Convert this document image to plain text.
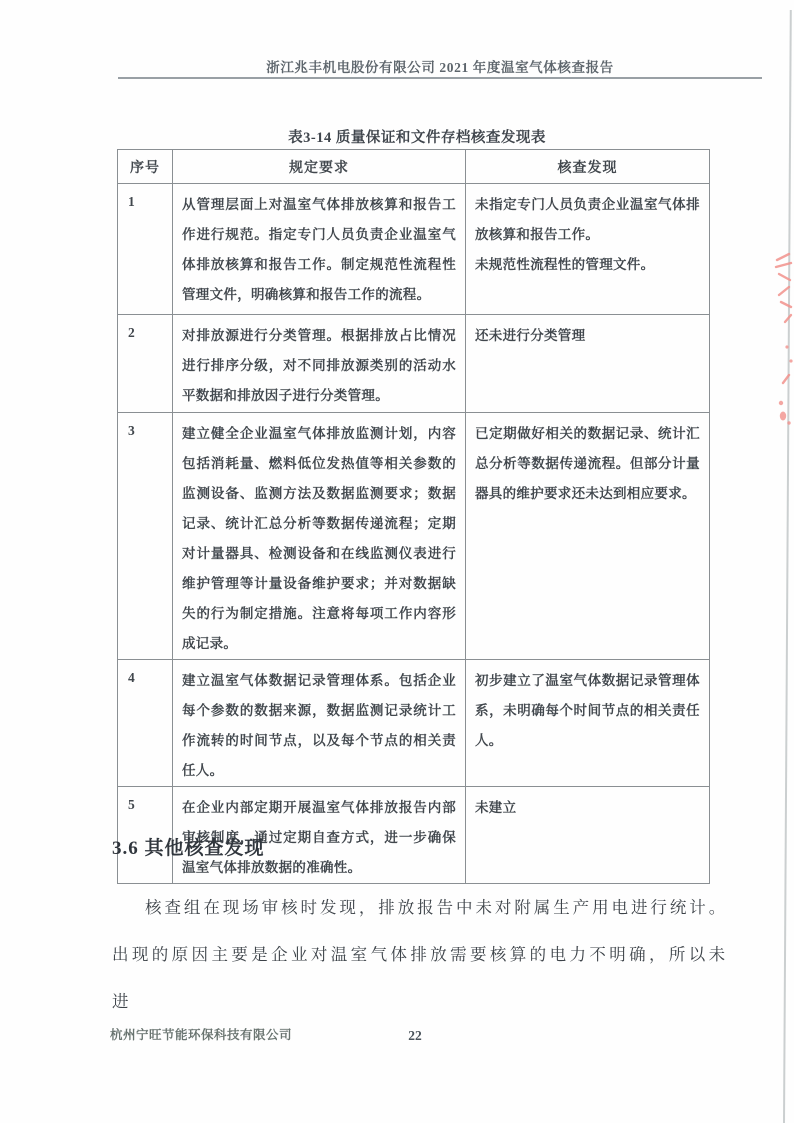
浙江兆丰机电股份有限公司 2021 年度温室气体核查报告
表3-14 质量保证和文件存档核查发现表
序号	规定要求	核查发现

1	从管理层面上对温室气体排放核算和报告工作进行规范。指定专门人员负责企业温室气体排放核算和报告工作。制定规范性流程性管理文件，明确核算和报告工作的流程。	未指定专门人员负责企业温室气体排放核算和报告工作。
未规范性流程性的管理文件。

2	对排放源进行分类管理。根据排放占比情况进行排序分级，对不同排放源类别的活动水平数据和排放因子进行分类管理。	还未进行分类管理

3	建立健全企业温室气体排放监测计划，内容包括消耗量、燃料低位发热值等相关参数的监测设备、监测方法及数据监测要求；数据记录、统计汇总分析等数据传递流程；定期对计量器具、检测设备和在线监测仪表进行维护管理等计量设备维护要求；并对数据缺失的行为制定措施。注意将每项工作内容形成记录。	已定期做好相关的数据记录、统计汇总分析等数据传递流程。但部分计量器具的维护要求还未达到相应要求。

4	建立温室气体数据记录管理体系。包括企业每个参数的数据来源，数据监测记录统计工作流转的时间节点，以及每个节点的相关责任人。	初步建立了温室气体数据记录管理体系，未明确每个时间节点的相关责任人。

5	在企业内部定期开展温室气体排放报告内部审核制度，通过定期自查方式，进一步确保温室气体排放数据的准确性。	未建立
3.6 其他核查发现

核查组在现场审核时发现，排放报告中未对附属生产用电进行统计。出现的原因主要是企业对温室气体排放需要核算的电力不明确，所以未进

杭州宁旺节能环保科技有限公司	22
